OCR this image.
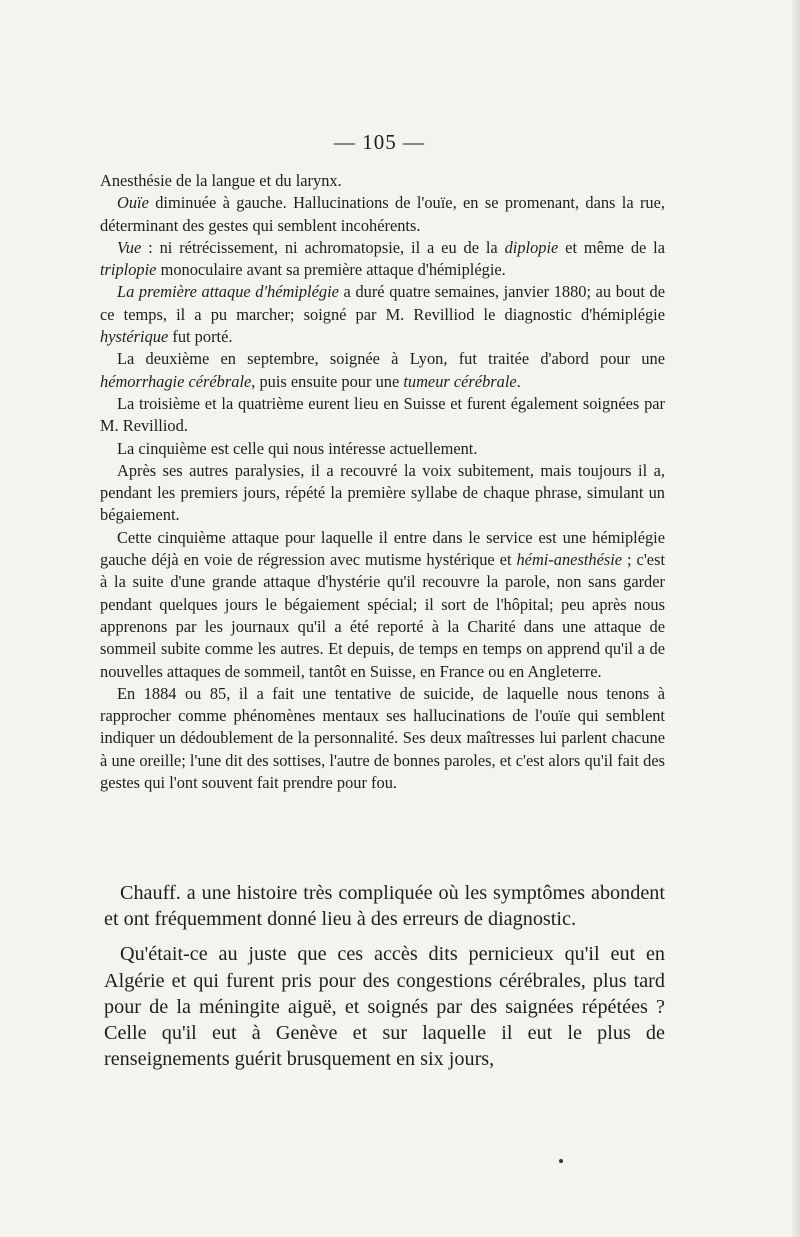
— 105 —

Anesthésie de la langue et du larynx.

Ouïe diminuée à gauche. Hallucinations de l'ouïe, en se promenant, dans la rue, déterminant des gestes qui semblent incohérents.

Vue : ni rétrécissement, ni achromatopsie, il a eu de la diplopie et même de la triplopie monoculaire avant sa première attaque d'hémiplégie.

La première attaque d'hémiplégie a duré quatre semaines, janvier 1880; au bout de ce temps, il a pu marcher; soigné par M. Revilliod le diagnostic d'hémiplégie hystérique fut porté.

La deuxième en septembre, soignée à Lyon, fut traitée d'abord pour une hémorrhagie cérébrale, puis ensuite pour une tumeur cérébrale.

La troisième et la quatrième eurent lieu en Suisse et furent également soignées par M. Revilliod.

La cinquième est celle qui nous intéresse actuellement.

Après ses autres paralysies, il a recouvré la voix subitement, mais toujours il a, pendant les premiers jours, répété la première syllabe de chaque phrase, simulant un bégaiement.

Cette cinquième attaque pour laquelle il entre dans le service est une hémiplégie gauche déjà en voie de régression avec mutisme hystérique et hémi-anesthésie ; c'est à la suite d'une grande attaque d'hystérie qu'il recouvre la parole, non sans garder pendant quelques jours le bégaiement spécial; il sort de l'hôpital; peu après nous apprenons par les journaux qu'il a été reporté à la Charité dans une attaque de sommeil subite comme les autres. Et depuis, de temps en temps on apprend qu'il a de nouvelles attaques de sommeil, tantôt en Suisse, en France ou en Angleterre.

En 1884 ou 85, il a fait une tentative de suicide, de laquelle nous tenons à rapprocher comme phénomènes mentaux ses hallucinations de l'ouïe qui semblent indiquer un dédoublement de la personnalité. Ses deux maîtresses lui parlent chacune à une oreille; l'une dit des sottises, l'autre de bonnes paroles, et c'est alors qu'il fait des gestes qui l'ont souvent fait prendre pour fou.

Chauff. a une histoire très compliquée où les symptômes abondent et ont fréquemment donné lieu à des erreurs de diagnostic.

Qu'était-ce au juste que ces accès dits pernicieux qu'il eut en Algérie et qui furent pris pour des congestions cérébrales, plus tard pour de la méningite aiguë, et soignés par des saignées répétées ? Celle qu'il eut à Genève et sur laquelle il eut le plus de renseignements guérit brusquement en six jours,
